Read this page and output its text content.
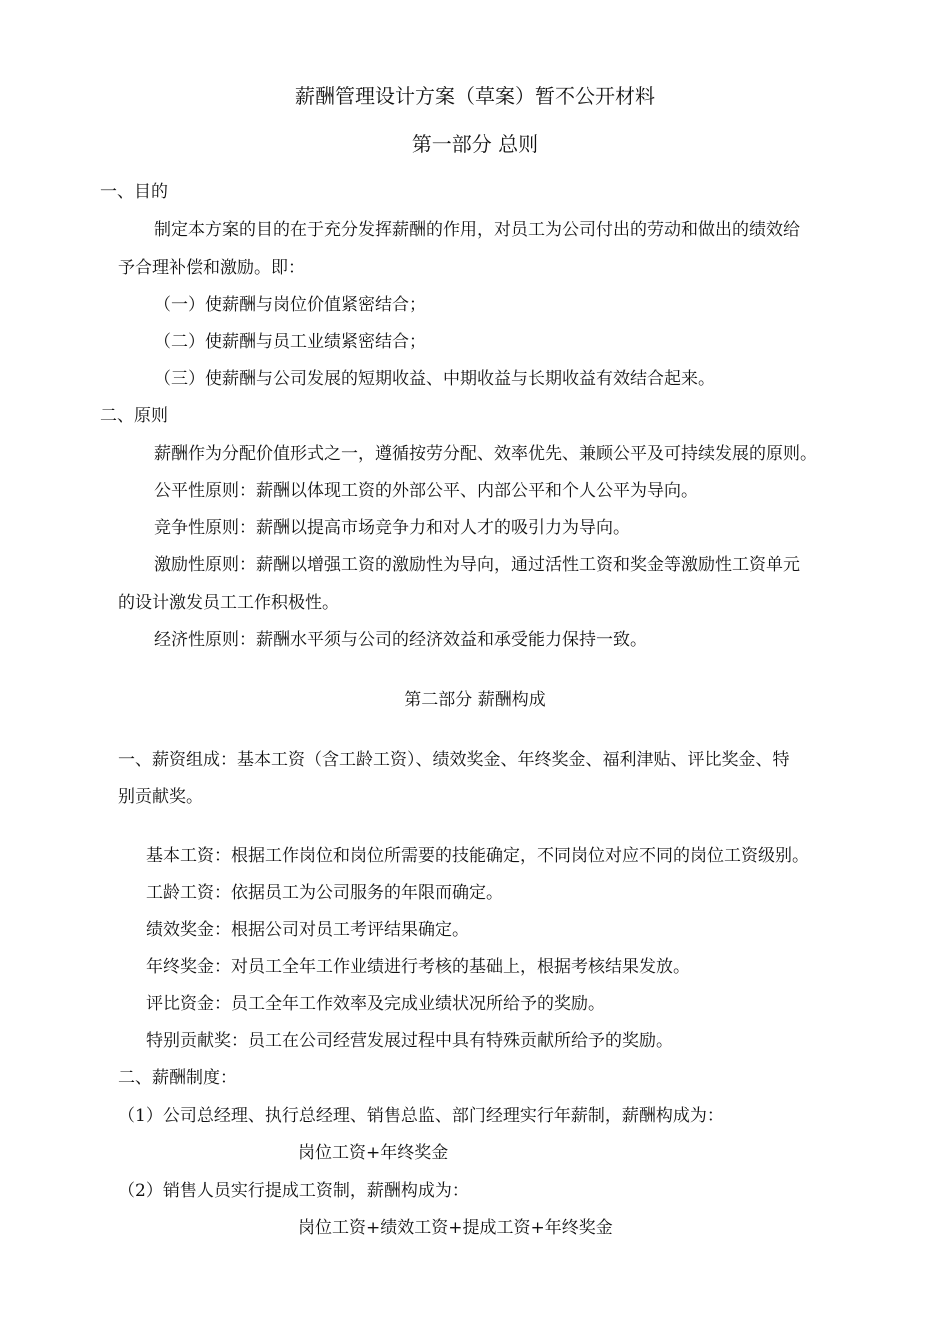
薪酬管理设计方案（草案）暂不公开材料
第一部分 总则
一、目的
制定本方案的目的在于充分发挥薪酬的作用，对员工为公司付出的劳动和做出的绩效给
予合理补偿和激励。即：
（一）使薪酬与岗位价值紧密结合；
（二）使薪酬与员工业绩紧密结合；
（三）使薪酬与公司发展的短期收益、中期收益与长期收益有效结合起来。
二、原则
薪酬作为分配价值形式之一，遵循按劳分配、效率优先、兼顾公平及可持续发展的原则。
公平性原则：薪酬以体现工资的外部公平、内部公平和个人公平为导向。
竞争性原则：薪酬以提高市场竞争力和对人才的吸引力为导向。
激励性原则：薪酬以增强工资的激励性为导向，通过活性工资和奖金等激励性工资单元
的设计激发员工工作积极性。
经济性原则：薪酬水平须与公司的经济效益和承受能力保持一致。
第二部分 薪酬构成
一、薪资组成：基本工资（含工龄工资）、绩效奖金、年终奖金、福利津贴、评比奖金、特
别贡献奖。
基本工资：根据工作岗位和岗位所需要的技能确定，不同岗位对应不同的岗位工资级别。
工龄工资：依据员工为公司服务的年限而确定。
绩效奖金：根据公司对员工考评结果确定。
年终奖金：对员工全年工作业绩进行考核的基础上，根据考核结果发放。
评比资金：员工全年工作效率及完成业绩状况所给予的奖励。
特别贡献奖：员工在公司经营发展过程中具有特殊贡献所给予的奖励。
二、薪酬制度：
（1）公司总经理、执行总经理、销售总监、部门经理实行年薪制，薪酬构成为：
岗位工资+年终奖金
（2）销售人员实行提成工资制，薪酬构成为：
岗位工资+绩效工资+提成工资+年终奖金
